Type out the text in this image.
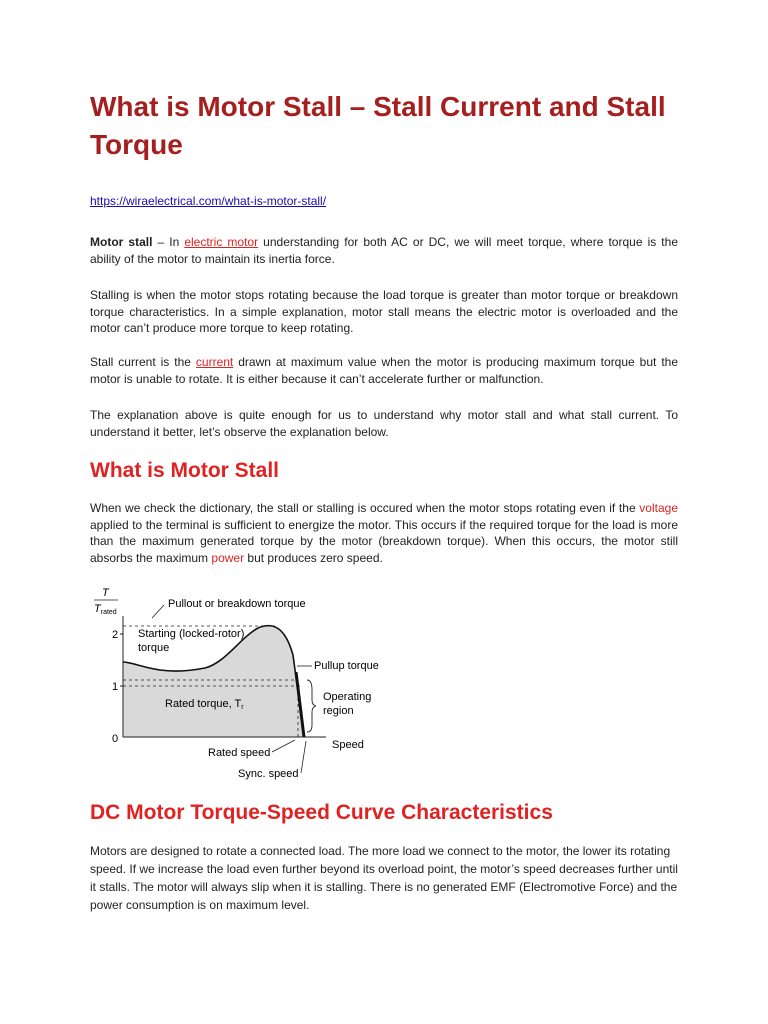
What is Motor Stall – Stall Current and Stall Torque
https://wiraelectrical.com/what-is-motor-stall/

Motor stall – In electric motor understanding for both AC or DC, we will meet torque, where torque is the ability of the motor to maintain its inertia force.

Stalling is when the motor stops rotating because the load torque is greater than motor torque or breakdown torque characteristics. In a simple explanation, motor stall means the electric motor is overloaded and the motor can’t produce more torque to keep rotating.

Stall current is the current drawn at maximum value when the motor is producing maximum torque but the motor is unable to rotate. It is either because it can’t accelerate further or malfunction.

The explanation above is quite enough for us to understand why motor stall and what stall current. To understand it better, let’s observe the explanation below.

What is Motor Stall

When we check the dictionary, the stall or stalling is occured when the motor stops rotating even if the voltage applied to the terminal is sufficient to energize the motor. This occurs if the required torque for the load is more than the maximum generated torque by the motor (breakdown torque). When this occurs, the motor still absorbs the maximum power but produces zero speed.

T
Trated
2
1
0
Pullout or breakdown torque
Starting (locked-rotor)
torque
Pullup torque
Rated torque, Tr
Operating
region
Speed
Rated speed
Sync. speed
DC Motor Torque-Speed Curve Characteristics

Motors are designed to rotate a connected load. The more load we connect to the motor, the lower its rotating speed. If we increase the load even further beyond its overload point, the motor’s speed decreases further until it stalls. The motor will always slip when it is stalling. There is no generated EMF (Electromotive Force) and the power consumption is on maximum level.
